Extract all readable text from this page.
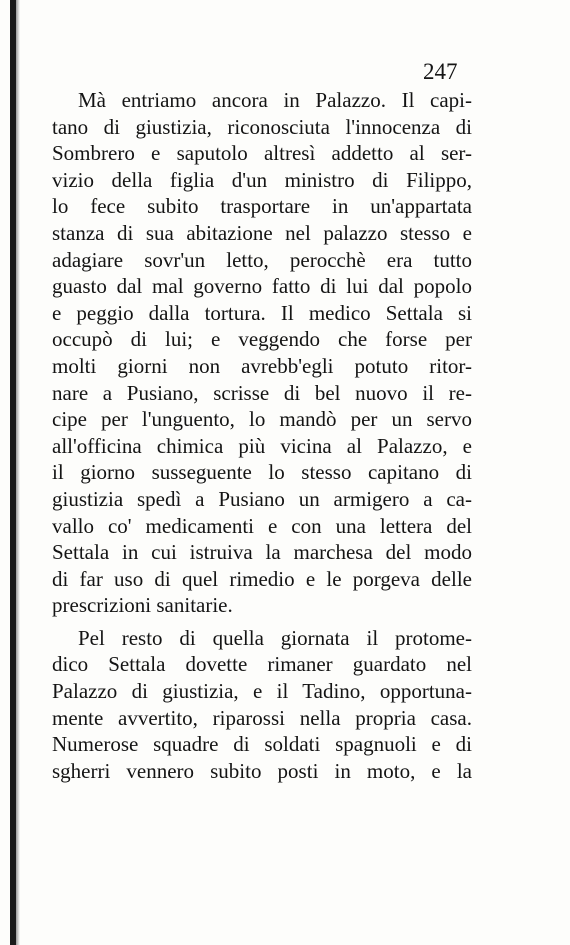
247
Mà entriamo ancora in Palazzo. Il capi-
tano di giustizia, riconosciuta l'innocenza di
Sombrero e saputolo altresì addetto al ser-
vizio della figlia d'un ministro di Filippo,
lo fece subito trasportare in un'appartata
stanza di sua abitazione nel palazzo stesso e
adagiare sovr'un letto, perocchè era tutto
guasto dal mal governo fatto di lui dal popolo
e peggio dalla tortura. Il medico Settala si
occupò di lui; e veggendo che forse per
molti giorni non avrebb'egli potuto ritor-
nare a Pusiano, scrisse di bel nuovo il re-
cipe per l'unguento, lo mandò per un servo
all'officina chimica più vicina al Palazzo, e
il giorno susseguente lo stesso capitano di
giustizia spedì a Pusiano un armigero a ca-
vallo co' medicamenti e con una lettera del
Settala in cui istruiva la marchesa del modo
di far uso di quel rimedio e le porgeva delle
prescrizioni sanitarie.
Pel resto di quella giornata il protome-
dico Settala dovette rimaner guardato nel
Palazzo di giustizia, e il Tadino, opportuna-
mente avvertito, riparossi nella propria casa.
Numerose squadre di soldati spagnuoli e di
sgherri vennero subito posti in moto, e la
